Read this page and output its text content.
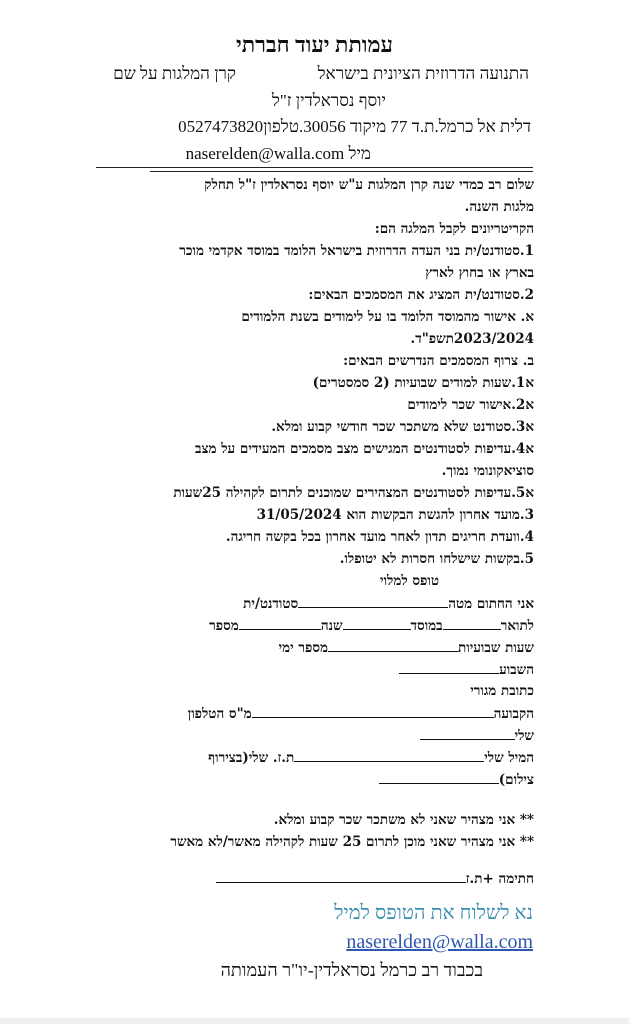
עמותת יעוד חברתי
התנועה הדרוזית הציונית בישראל
קרן המלגות על שם
יוסף נסראלדין ז"ל
דלית אל כרמל.ת.ד 77 מיקוד 30056.טלפון0527473820
מיל naserelden@walla.com
שלום רב כמדי שנה קרן המלגות ע"ש יוסף נסראלדין ז"ל תחלק
מלגות השנה.
הקריטריונים לקבל המלגה הם:
1.סטודנט/ית בני העדה הדרוזית בישראל הלומד במוסד אקדמי מוכר
בארץ או בחוץ לארץ
2.סטודנט/ית המציג את המסמכים הבאים:
א. אישור מהמוסד הלומד בו על לימודים בשנת הלמודים
2023/2024תשפ"ד.
ב. צרוף המסמכים הנדרשים הבאים:
א1.שעות למודים שבועיות (2 סמסטרים)
א2.אישור שכר לימודים
א3.סטודנט שלא משתכר שכר חודשי קבוע ומלא.
א4.עדיפות לסטודנטים המגישים מצב מסמכים המעידים על מצב
סוציאקונומי נמוך.
א5.עדיפות לסטודנטים המצהירים שמוכנים לתרום לקהילה 25שעות
3.מועד אחרון להגשת הבקשות הוא 31/05/2024
4.וועדת חריגים תדון לאחר מועד אחרון בכל בקשה חריגה.
5.בקשות שישלחו חסרות לא יטופלו.
טופס למלוי
אני החתום מטהסטודנט/ית
לתוארבמוסדשנהמספר
שעות שבועיותמספר ימי
השבוע
כתובת מגורי
הקבועהמ"ס הטלפון
שלי
המיל שלית.ז. שלי(בצירוף
צילום)
** אני מצהיר שאני לא משתכר שכר קבוע ומלא.
** אני מצהיר שאני מוכן לתרום 25 שעות לקהילה מאשר/לא מאשר
חתימה +ת.ז
נא לשלוח את הטופס למיל
naserelden@walla.com
בכבוד רב כרמל נסראלדין-יו"ר העמותה
